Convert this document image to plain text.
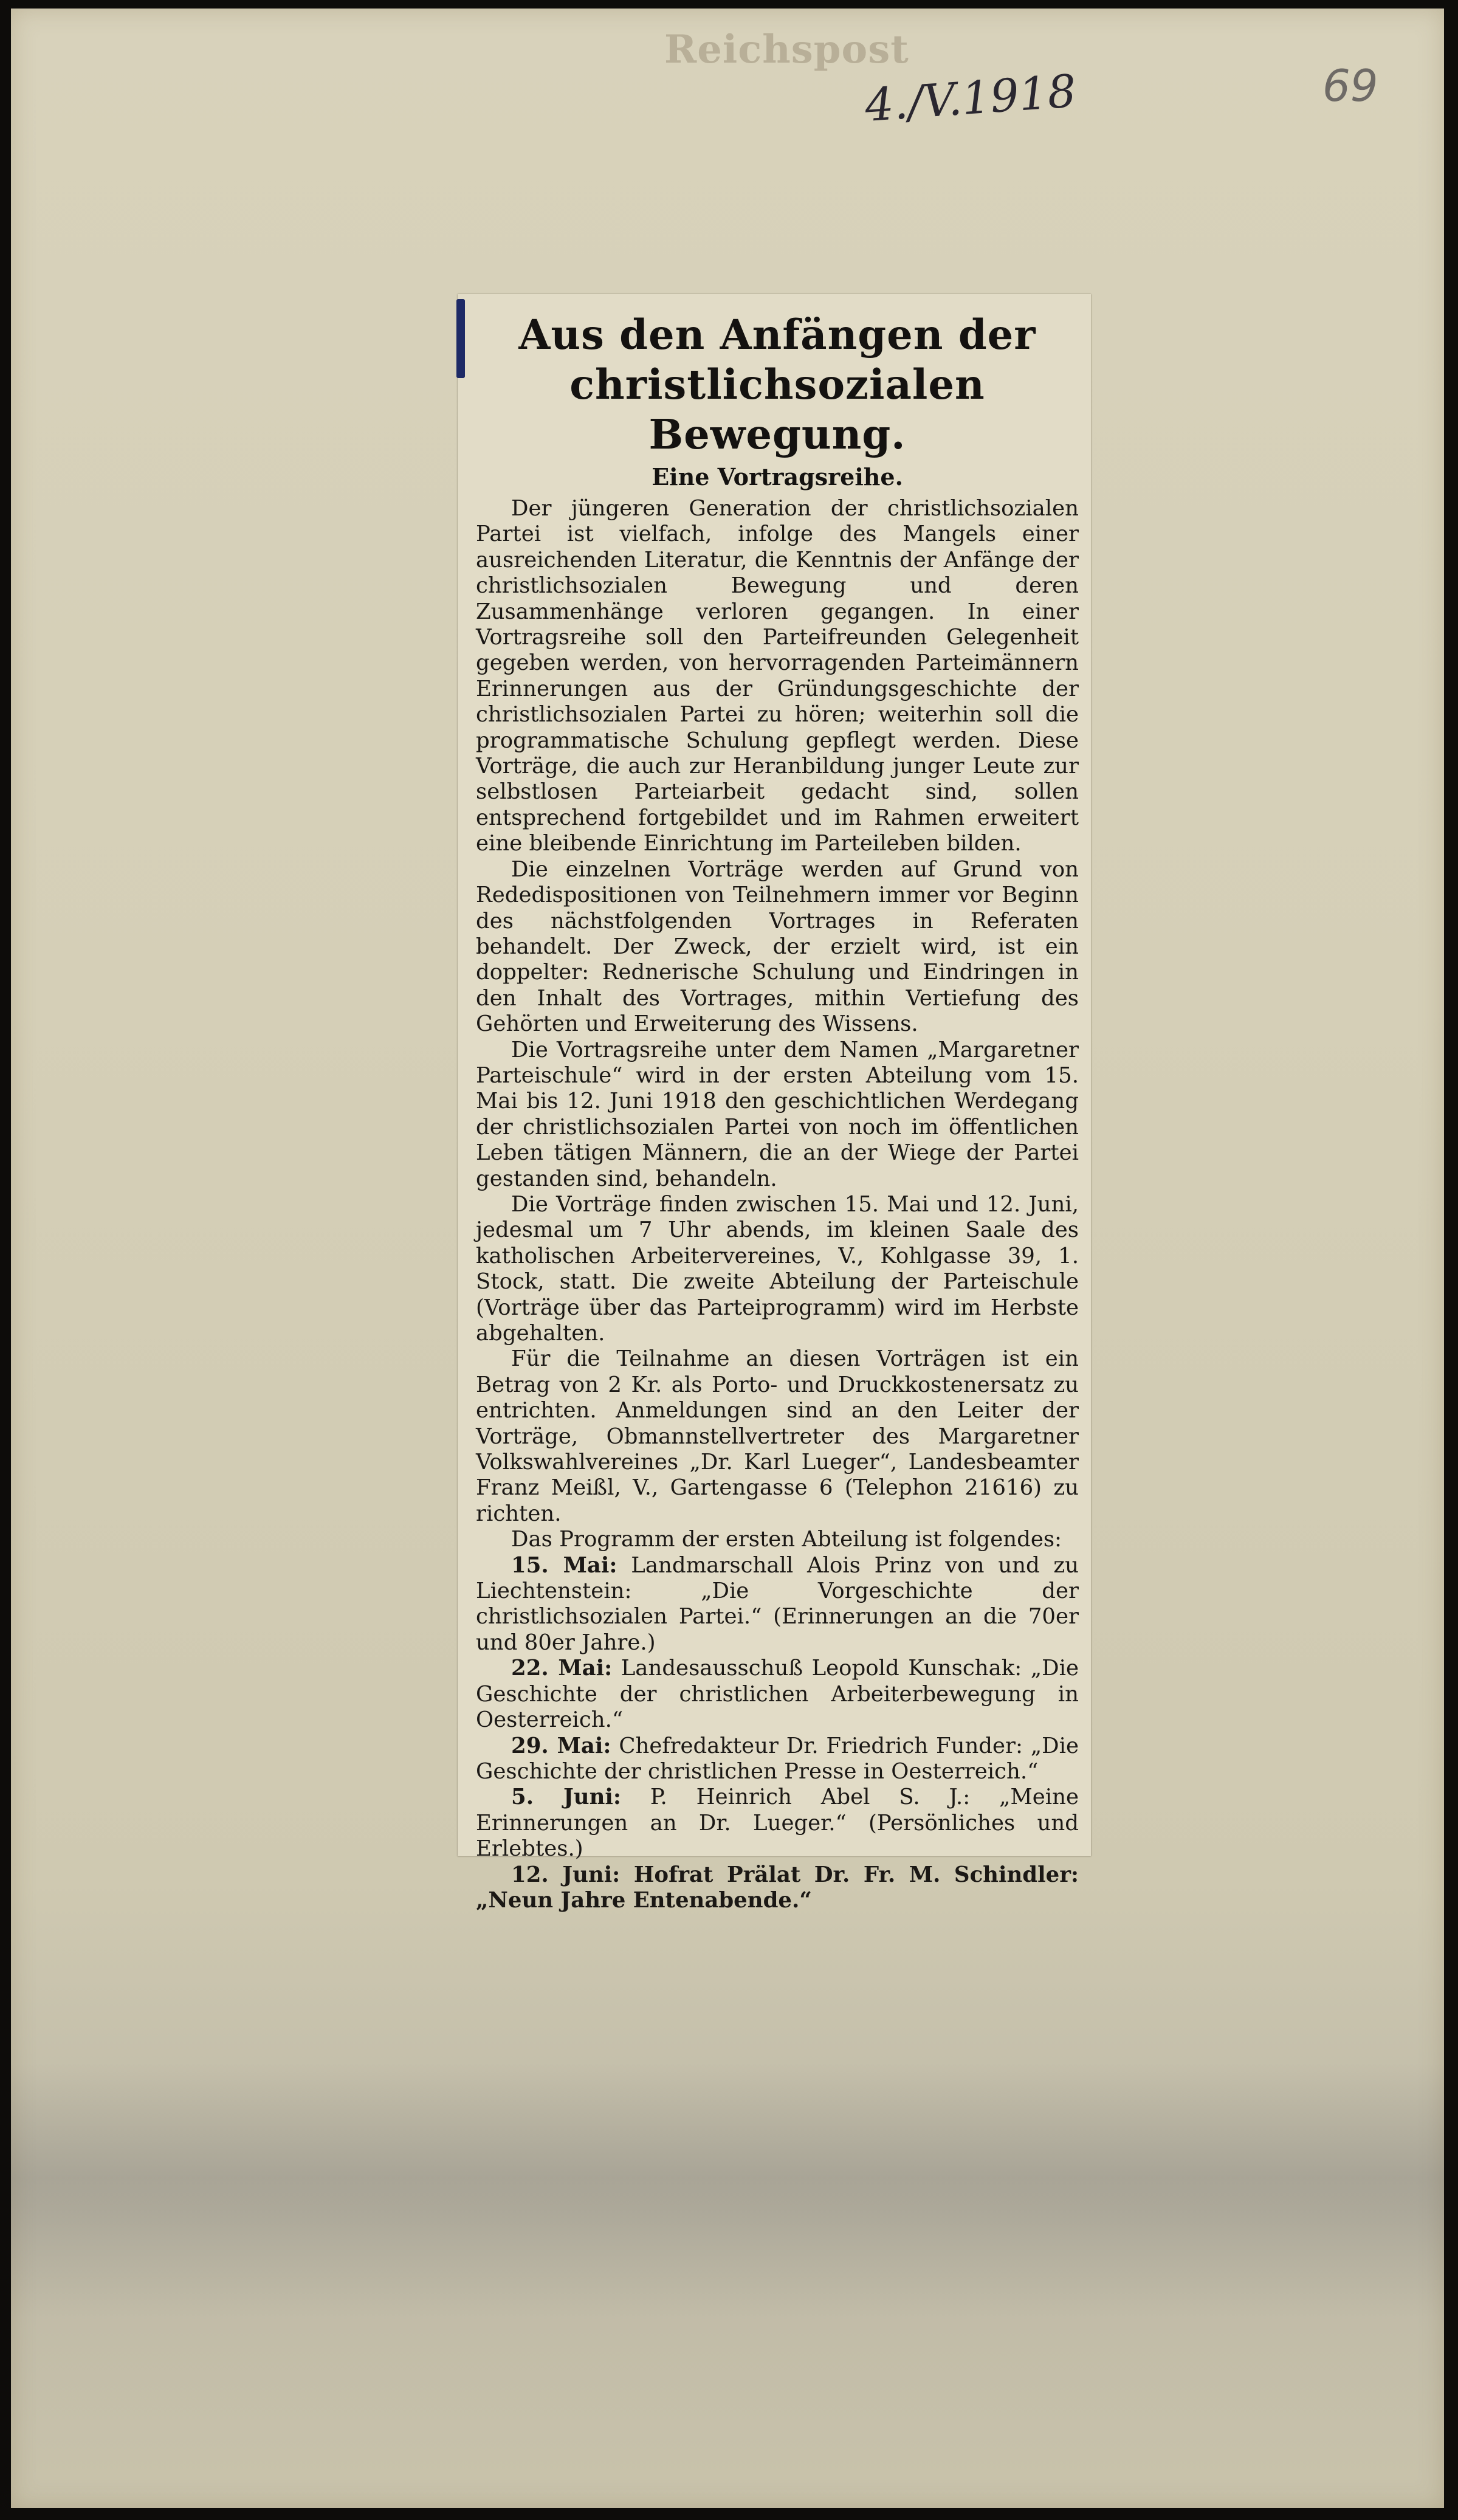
Reichspost
4./V.1918	69
Aus den Anfängen der
christlichsozialen Bewegung.
Eine Vortragsreihe.

Der jüngeren Generation der christlichsozialen Partei ist vielfach, infolge des Mangels einer ausreichenden Literatur, die Kenntnis der Anfänge der christlichsozialen Bewegung und deren Zusammenhänge verloren gegangen. In einer Vortragsreihe soll den Parteifreunden Gelegenheit gegeben werden, von hervorragenden Parteimännern Erinnerungen aus der Gründungsgeschichte der christlichsozialen Partei zu hören; weiterhin soll die programmatische Schulung gepflegt werden. Diese Vorträge, die auch zur Heranbildung junger Leute zur selbstlosen Parteiarbeit gedacht sind, sollen entsprechend fortgebildet und im Rahmen erweitert eine bleibende Einrichtung im Parteileben bilden.

Die einzelnen Vorträge werden auf Grund von Rededispositionen von Teilnehmern immer vor Beginn des nächstfolgenden Vortrages in Referaten behandelt. Der Zweck, der erzielt wird, ist ein doppelter: Rednerische Schulung und Eindringen in den Inhalt des Vortrages, mithin Vertiefung des Gehörten und Erweiterung des Wissens.

Die Vortragsreihe unter dem Namen „Margaretner Parteischule“ wird in der ersten Abteilung vom 15. Mai bis 12. Juni 1918 den geschichtlichen Werdegang der christlichsozialen Partei von noch im öffentlichen Leben tätigen Männern, die an der Wiege der Partei gestanden sind, behandeln.

Die Vorträge finden zwischen 15. Mai und 12. Juni, jedesmal um 7 Uhr abends, im kleinen Saale des katholischen Arbeitervereines, V., Kohlgasse 39, 1. Stock, statt. Die zweite Abteilung der Parteischule (Vorträge über das Parteiprogramm) wird im Herbste abgehalten.

Für die Teilnahme an diesen Vorträgen ist ein Betrag von 2 Kr. als Porto- und Druckkostenersatz zu entrichten. Anmeldungen sind an den Leiter der Vorträge, Obmannstellvertreter des Margaretner Volkswahlvereines „Dr. Karl Lueger“, Landesbeamter Franz Meißl, V., Gartengasse 6 (Telephon 21616) zu richten.

Das Programm der ersten Abteilung ist folgendes:

15. Mai: Landmarschall Alois Prinz von und zu Liechtenstein: „Die Vorgeschichte der christlichsozialen Partei.“ (Erinnerungen an die 70er und 80er Jahre.)

22. Mai: Landesausschuß Leopold Kunschak: „Die Geschichte der christlichen Arbeiterbewegung in Oesterreich.“

29. Mai: Chefredakteur Dr. Friedrich Funder: „Die Geschichte der christlichen Presse in Oesterreich.“

5. Juni: P. Heinrich Abel S. J.: „Meine Erinnerungen an Dr. Lueger.“ (Persönliches und Erlebtes.)

12. Juni: Hofrat Prälat Dr. Fr. M. Schindler: „Neun Jahre Entenabende.“
